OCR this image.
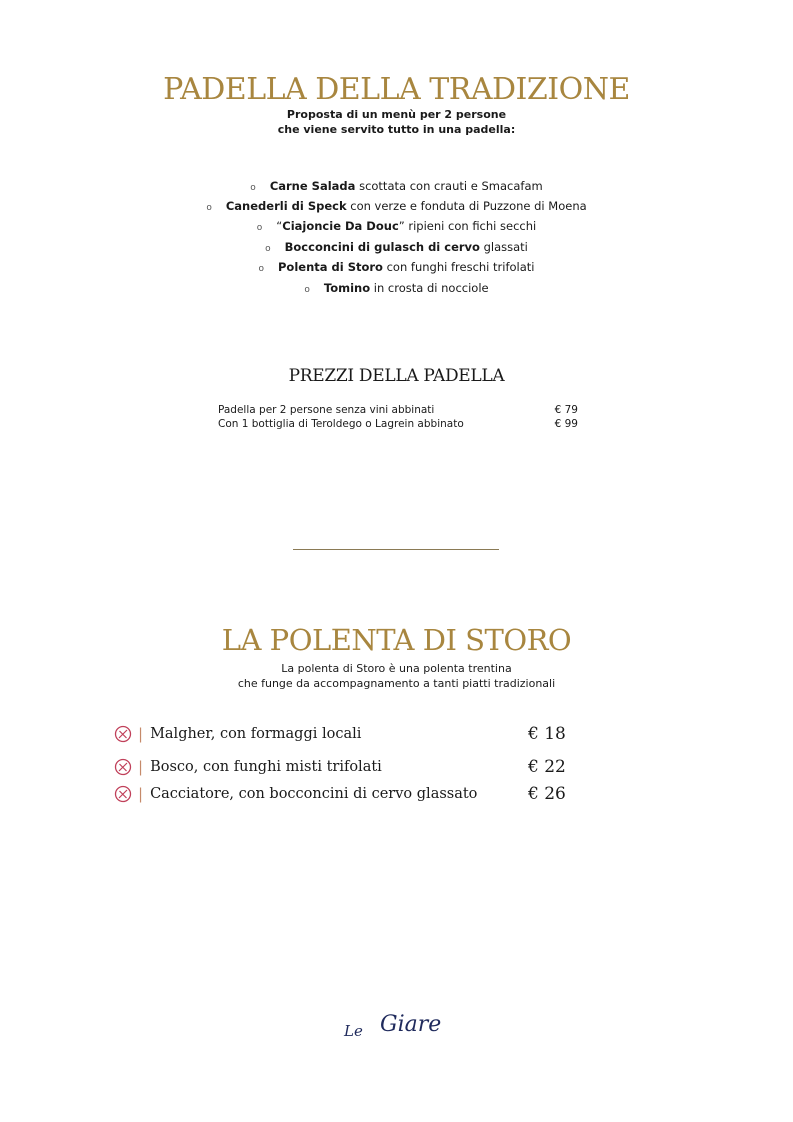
PADELLA DELLA TRADIZIONE
Proposta di un menù per 2 persone
che viene servito tutto in una padella:
o Carne Salada scottata con crauti e Smacafam
o Canederli di Speck con verze e fonduta di Puzzone di Moena
o “Ciajoncie Da Douc” ripieni con fichi secchi
o Bocconcini di gulasch di cervo glassati
o Polenta di Storo con funghi freschi trifolati
o Tomino in crosta di nocciole
PREZZI DELLA PADELLA
Padella per 2 persone senza vini abbinati	€ 79
Con 1 bottiglia di Teroldego o Lagrein abbinato	€ 99
LA POLENTA DI STORO
La polenta di Storo è una polenta trentina
che funge da accompagnamento a tanti piatti tradizionali
| Malgher, con formaggi locali	€ 18
| Bosco, con funghi misti trifolati	€ 22
| Cacciatore, con bocconcini di cervo glassato	€ 26
Le Giare
